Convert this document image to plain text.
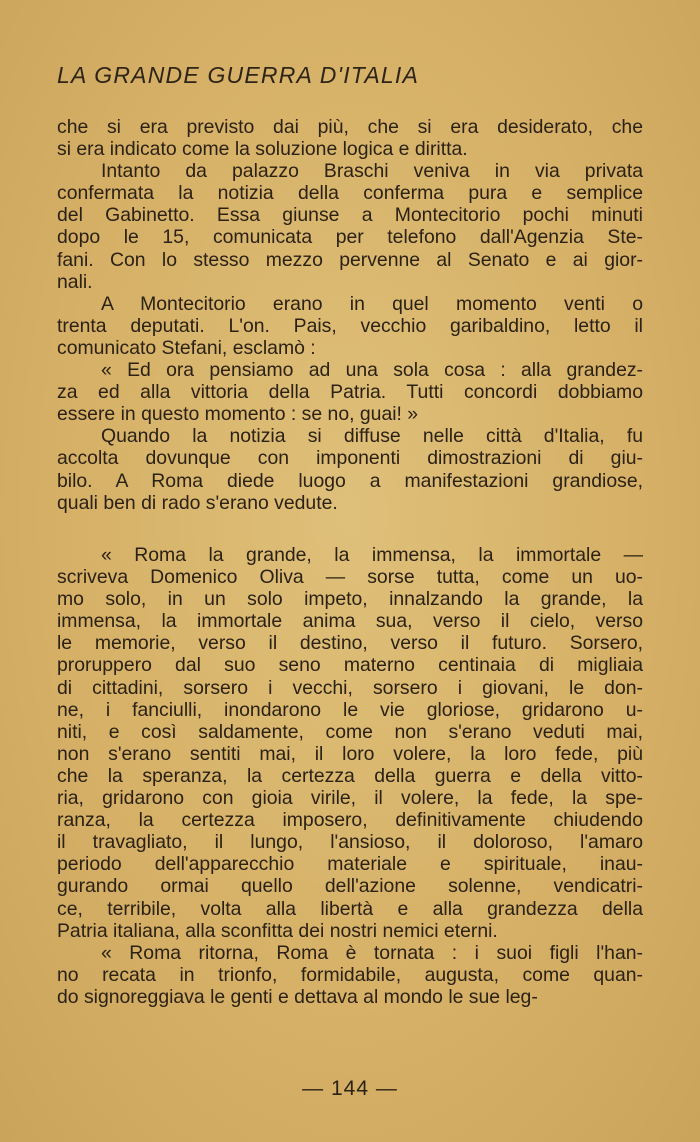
LA GRANDE GUERRA D'ITALIA

che si era previsto dai più, che si era desiderato, che

si era indicato come la soluzione logica e diritta.

Intanto da palazzo Braschi veniva in via privata

confermata la notizia della conferma pura e semplice

del Gabinetto. Essa giunse a Montecitorio pochi minuti

dopo le 15, comunicata per telefono dall'Agenzia Ste-

fani. Con lo stesso mezzo pervenne al Senato e ai gior-

nali.

A Montecitorio erano in quel momento venti o

trenta deputati. L'on. Pais, vecchio garibaldino, letto il

comunicato Stefani, esclamò :

« Ed ora pensiamo ad una sola cosa : alla grandez-

za ed alla vittoria della Patria. Tutti concordi dobbiamo

essere in questo momento : se no, guai! »

Quando la notizia si diffuse nelle città d'Italia, fu

accolta dovunque con imponenti dimostrazioni di giu-

bilo. A Roma diede luogo a manifestazioni grandiose,

quali ben di rado s'erano vedute.

« Roma la grande, la immensa, la immortale —

scriveva Domenico Oliva — sorse tutta, come un uo-

mo solo, in un solo impeto, innalzando la grande, la

immensa, la immortale anima sua, verso il cielo, verso

le memorie, verso il destino, verso il futuro. Sorsero,

proruppero dal suo seno materno centinaia di migliaia

di cittadini, sorsero i vecchi, sorsero i giovani, le don-

ne, i fanciulli, inondarono le vie gloriose, gridarono u-

niti, e così saldamente, come non s'erano veduti mai,

non s'erano sentiti mai, il loro volere, la loro fede, più

che la speranza, la certezza della guerra e della vitto-

ria, gridarono con gioia virile, il volere, la fede, la spe-

ranza, la certezza imposero, definitivamente chiudendo

il travagliato, il lungo, l'ansioso, il doloroso, l'amaro

periodo dell'apparecchio materiale e spirituale, inau-

gurando ormai quello dell'azione solenne, vendicatri-

ce, terribile, volta alla libertà e alla grandezza della

Patria italiana, alla sconfitta dei nostri nemici eterni.

« Roma ritorna, Roma è tornata : i suoi figli l'han-

no recata in trionfo, formidabile, augusta, come quan-

do signoreggiava le genti e dettava al mondo le sue leg-

— 144 —
